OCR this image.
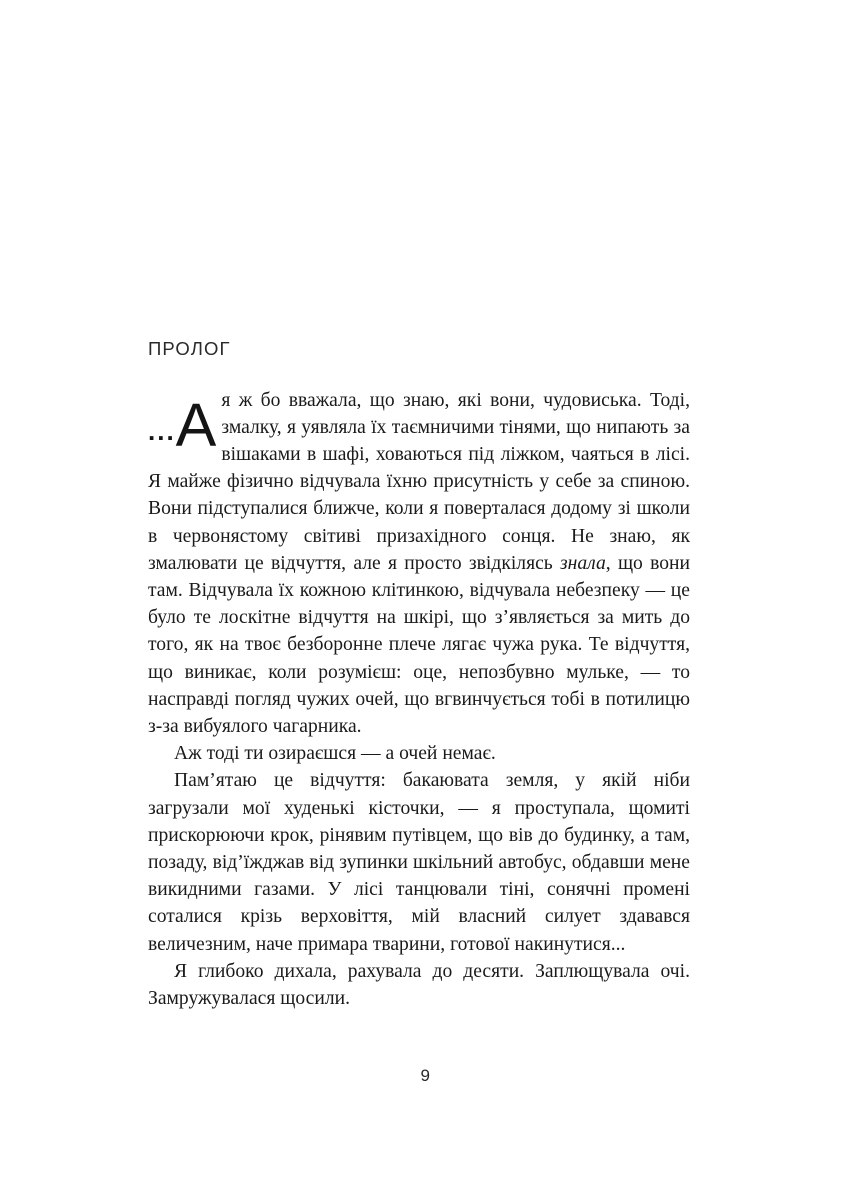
ПРОЛОГ

...А я ж бо вважала, що знаю, які вони, чудовиська. Тоді, змалку, я уявляла їх таємничими тінями, що нипають за вішаками в шафі, ховаються під ліжком, чаяться в лісі. Я майже фізично відчувала їхню присутність у себе за спиною. Вони підступалися ближче, коли я поверталася додому зі школи в червонястому світиві призахідного сонця. Не знаю, як змалювати це відчуття, але я просто звідкілясь знала, що вони там. Відчувала їх кожною клітинкою, відчувала небезпеку — це було те лоскітне відчуття на шкірі, що з’являється за мить до того, як на твоє безборонне плече лягає чужа рука. Те відчуття, що виникає, коли розумієш: оце, непозбувно мульке, — то насправді погляд чужих очей, що вгвинчується тобі в потилицю з-за вибуялого чагарника.

Аж тоді ти озираєшся — а очей немає.

Пам’ятаю це відчуття: бакаювата земля, у якій ніби загрузали мої худенькі кісточки, — я проступала, щомиті прискорюючи крок, рінявим путівцем, що вів до будинку, а там, позаду, від’їжджав від зупинки шкільний автобус, обдавши мене викидними газами. У лісі танцювали тіні, сонячні промені соталися крізь верховіття, мій власний силует здавався величезним, наче примара тварини, готової накинутися...

Я глибоко дихала, рахувала до десяти. Заплющувала очі. Замружувалася щосили.

9
